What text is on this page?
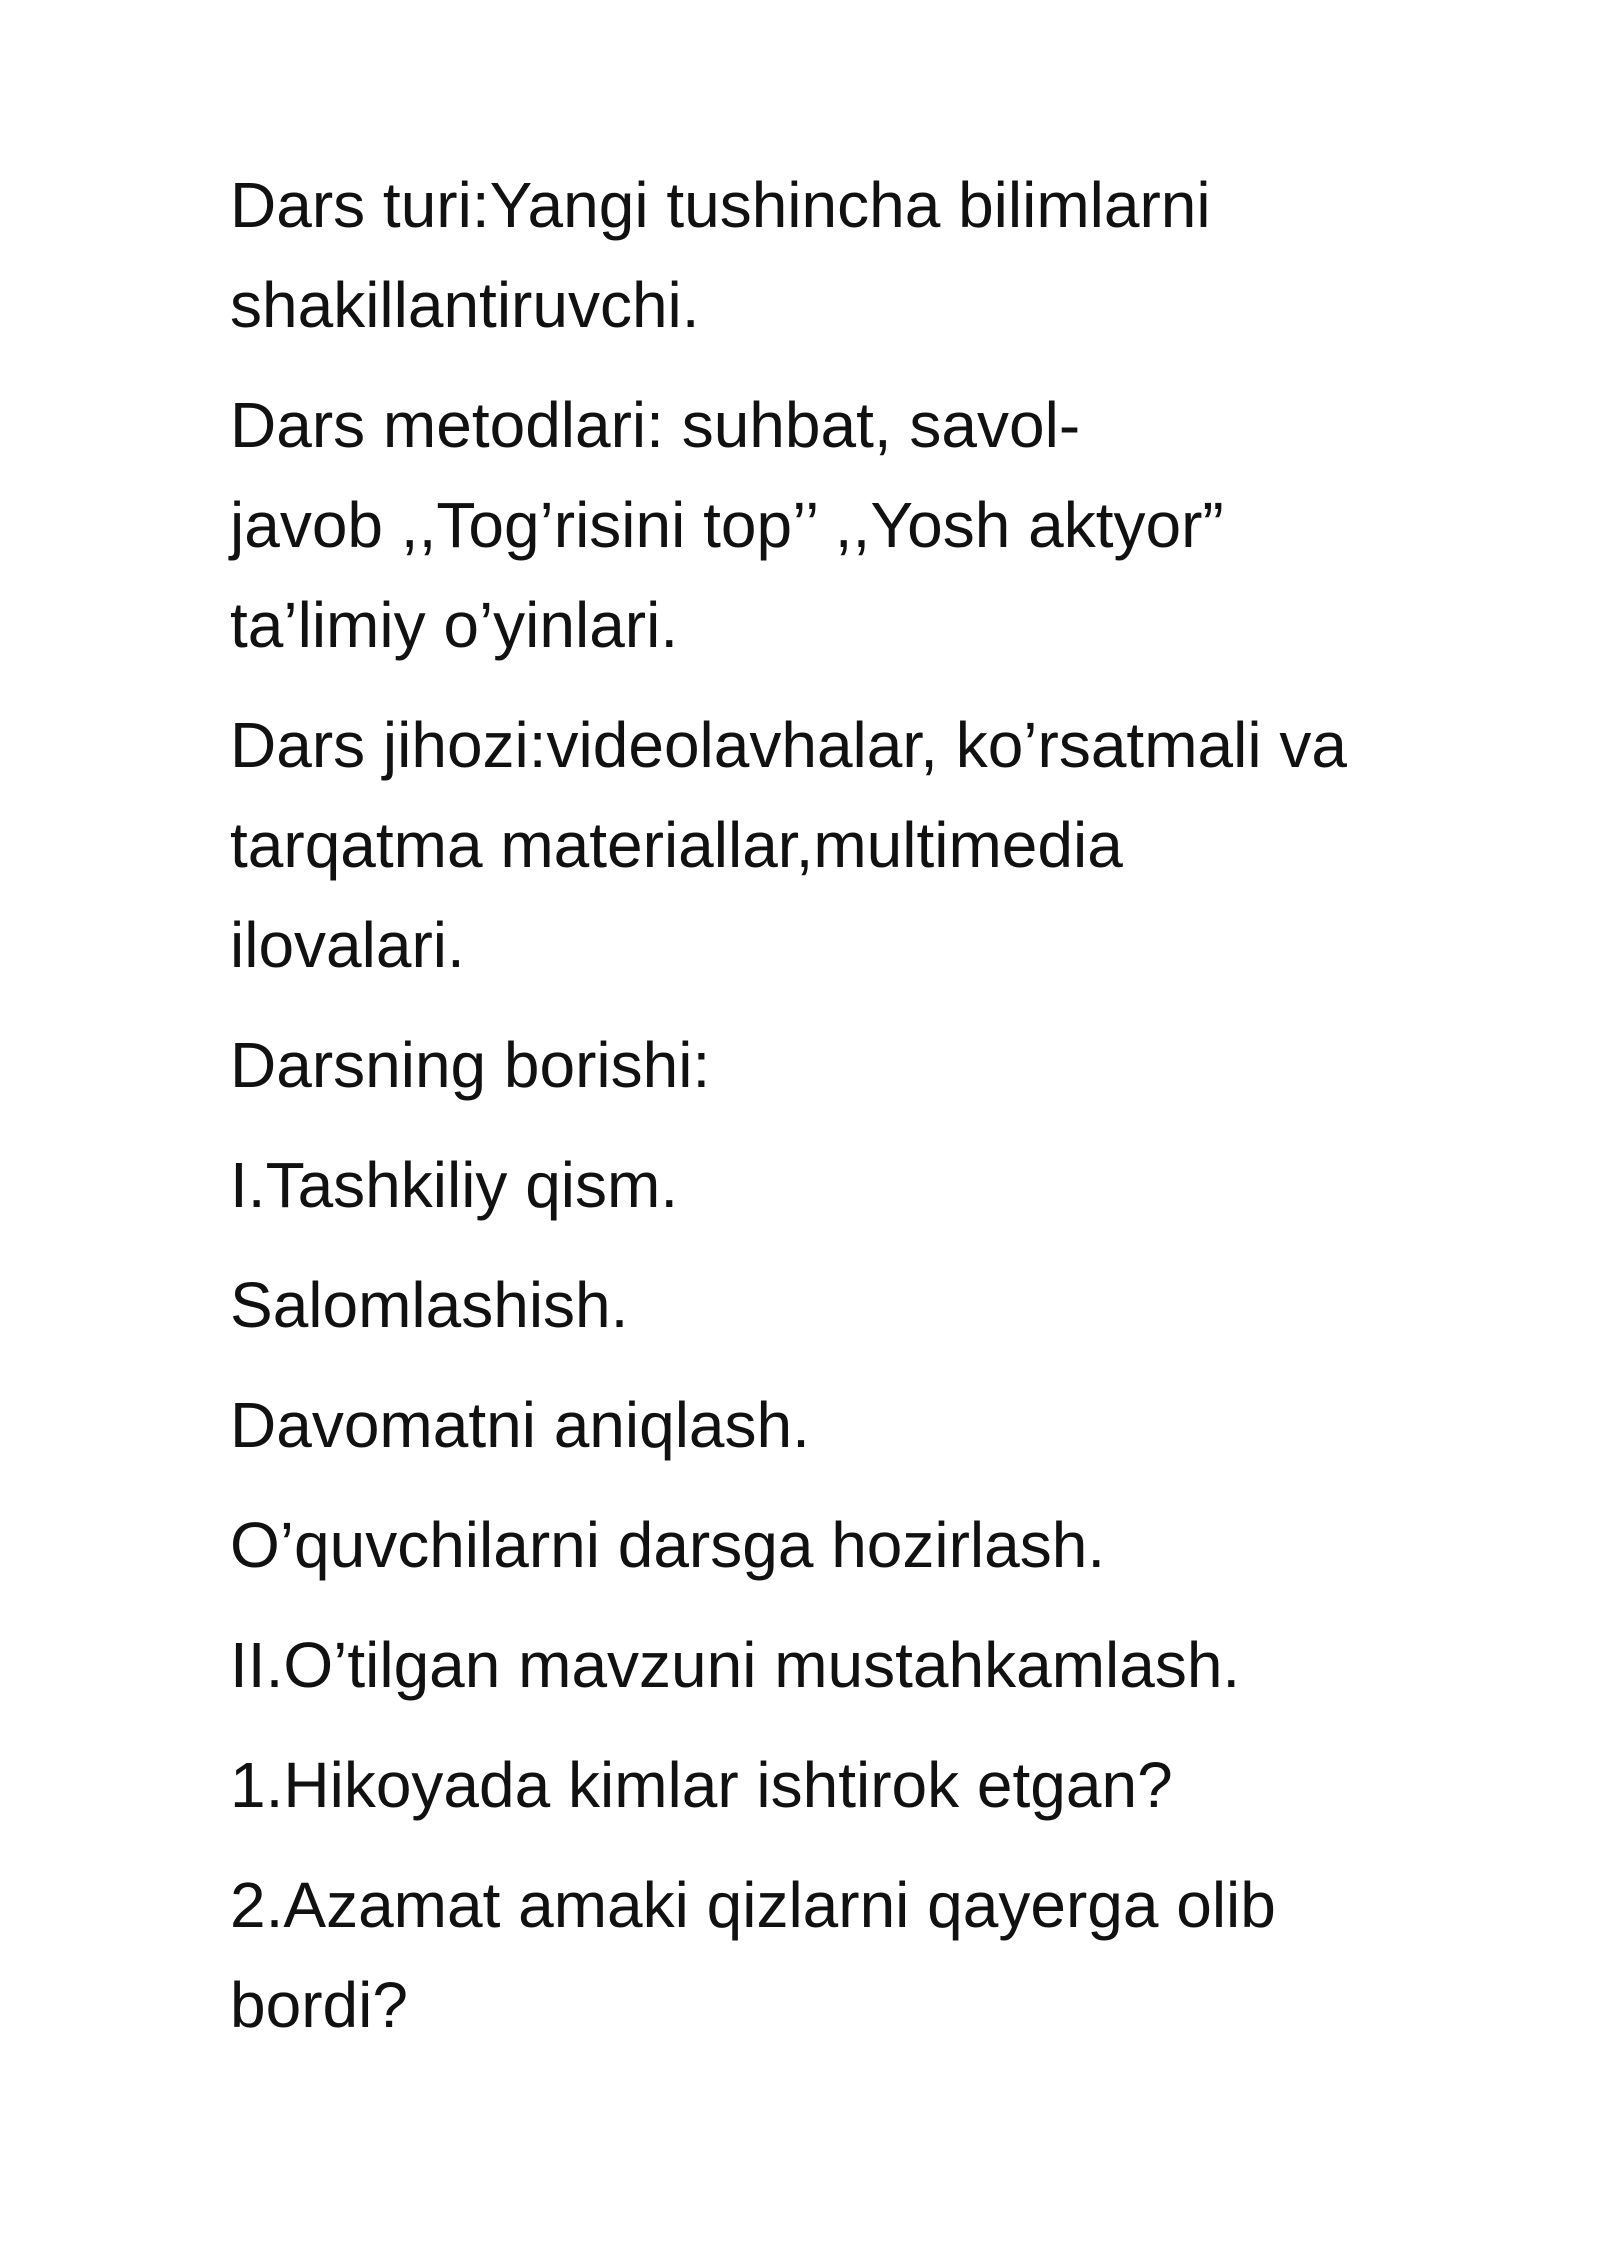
Dars turi:Yangi tushincha bilimlarni
shakillantiruvchi.

Dars metodlari: suhbat, savol-
javob ,,Tog’risini top’’ ,,Yosh aktyor”
ta’limiy o’yinlari.

Dars jihozi:videolavhalar, ko’rsatmali va
tarqatma materiallar,multimedia
ilovalari.

Darsning borishi:

I.Tashkiliy qism.

Salomlashish.

Davomatni aniqlash.

O’quvchilarni darsga hozirlash.

II.O’tilgan mavzuni mustahkamlash.

1.Hikoyada kimlar ishtirok etgan?

2.Azamat amaki qizlarni qayerga olib
bordi?
